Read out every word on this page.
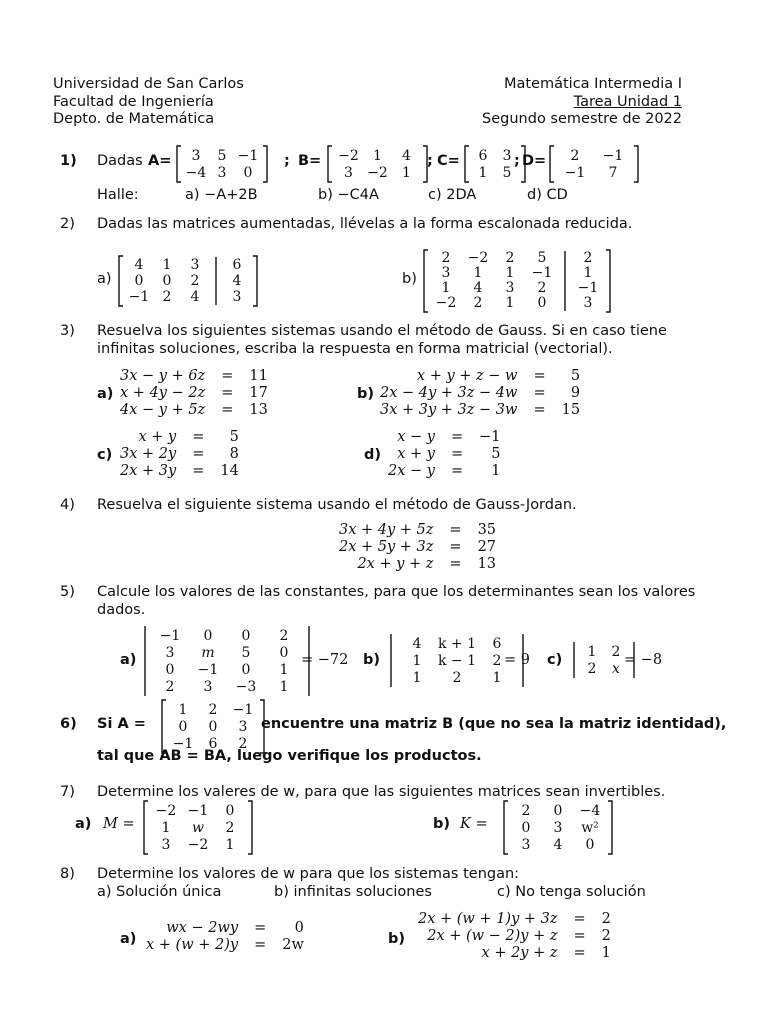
Universidad de San Carlos
Facultad de Ingeniería
Depto. de Matemática
Matemática Intermedia I
Tarea Unidad 1
Segundo semestre de 2022
1) Dadas A= 3 5 −1
−4 3 0
; B= −2 1 4
3 −2 1
; C= 6 3
1 5
; D= 2 −1
−1 7
Halle:	a) −A+2B	b) −C4A	c) 2DA	d) CD
2) Dadas las matrices aumentadas, llévelas a la forma escalonada reducida.
a)
4 1 3 6
0 0 2 4
−1 2 4 3
b)
2 −2 2 5	2
3 1 1 −1 1
1 4 3 2 −1
−2 2 1 0	3
3) Resuelva los siguientes sistemas usando el método de Gauss. Si en caso tiene
infinitas soluciones, escriba la respuesta en forma matricial (vectorial).
a)
3x − y + 6z	=	11
x + 4y − 2z	=	17
4x − y + 5z	=	13
b)
x + y + z − w	=	5
2x − 4y + 3z − 4w	=	9
3x + 3y + 3z − 3w	=	15
c)
x + y	=	5
3x + 2y	=	8
2x + 3y	=	14
d)
x − y	=	−1
x + y	=	5
2x − y	=	1
4) Resuelva el siguiente sistema usando el método de Gauss-Jordan.
3x + 4y + 5z	=	35
2x + 5y + 3z	=	27
2x + y + z	=	13
5) Calcule los valores de las constantes, para que los determinantes sean los valores
dados.
a)
−1 0 0 2
3 m 5 0
0 −1 0 1
2 3 −3 1
= −72 b)
4 k + 1 6
1 k − 1 2
1 2 1
= 9 c) 1 2
2 x
= −8
6) Si A =
1 2 −1
0 0 3
−1 6 2
encuentre una matriz B (que no sea la matriz identidad),
tal que AB = BA, luego verifique los productos.
7) Determine los valeres de w, para que las siguientes matrices sean invertibles.
a) M =
−2 −1 0
1 w 2
3 −2 1
b) K =
2 0 −4
0 3 w²
3 4 0
8) Determine los valores de w para que los sistemas tengan:
a) Solución única	b) infinitas soluciones	c) No tenga solución
a)
wx − 2wy	=	0
x + (w + 2)y	=	2w	b)
2x + (w + 1)y + 3z	=	2
2x + (w − 2)y + z	=	2
x + 2y + z	=	1
